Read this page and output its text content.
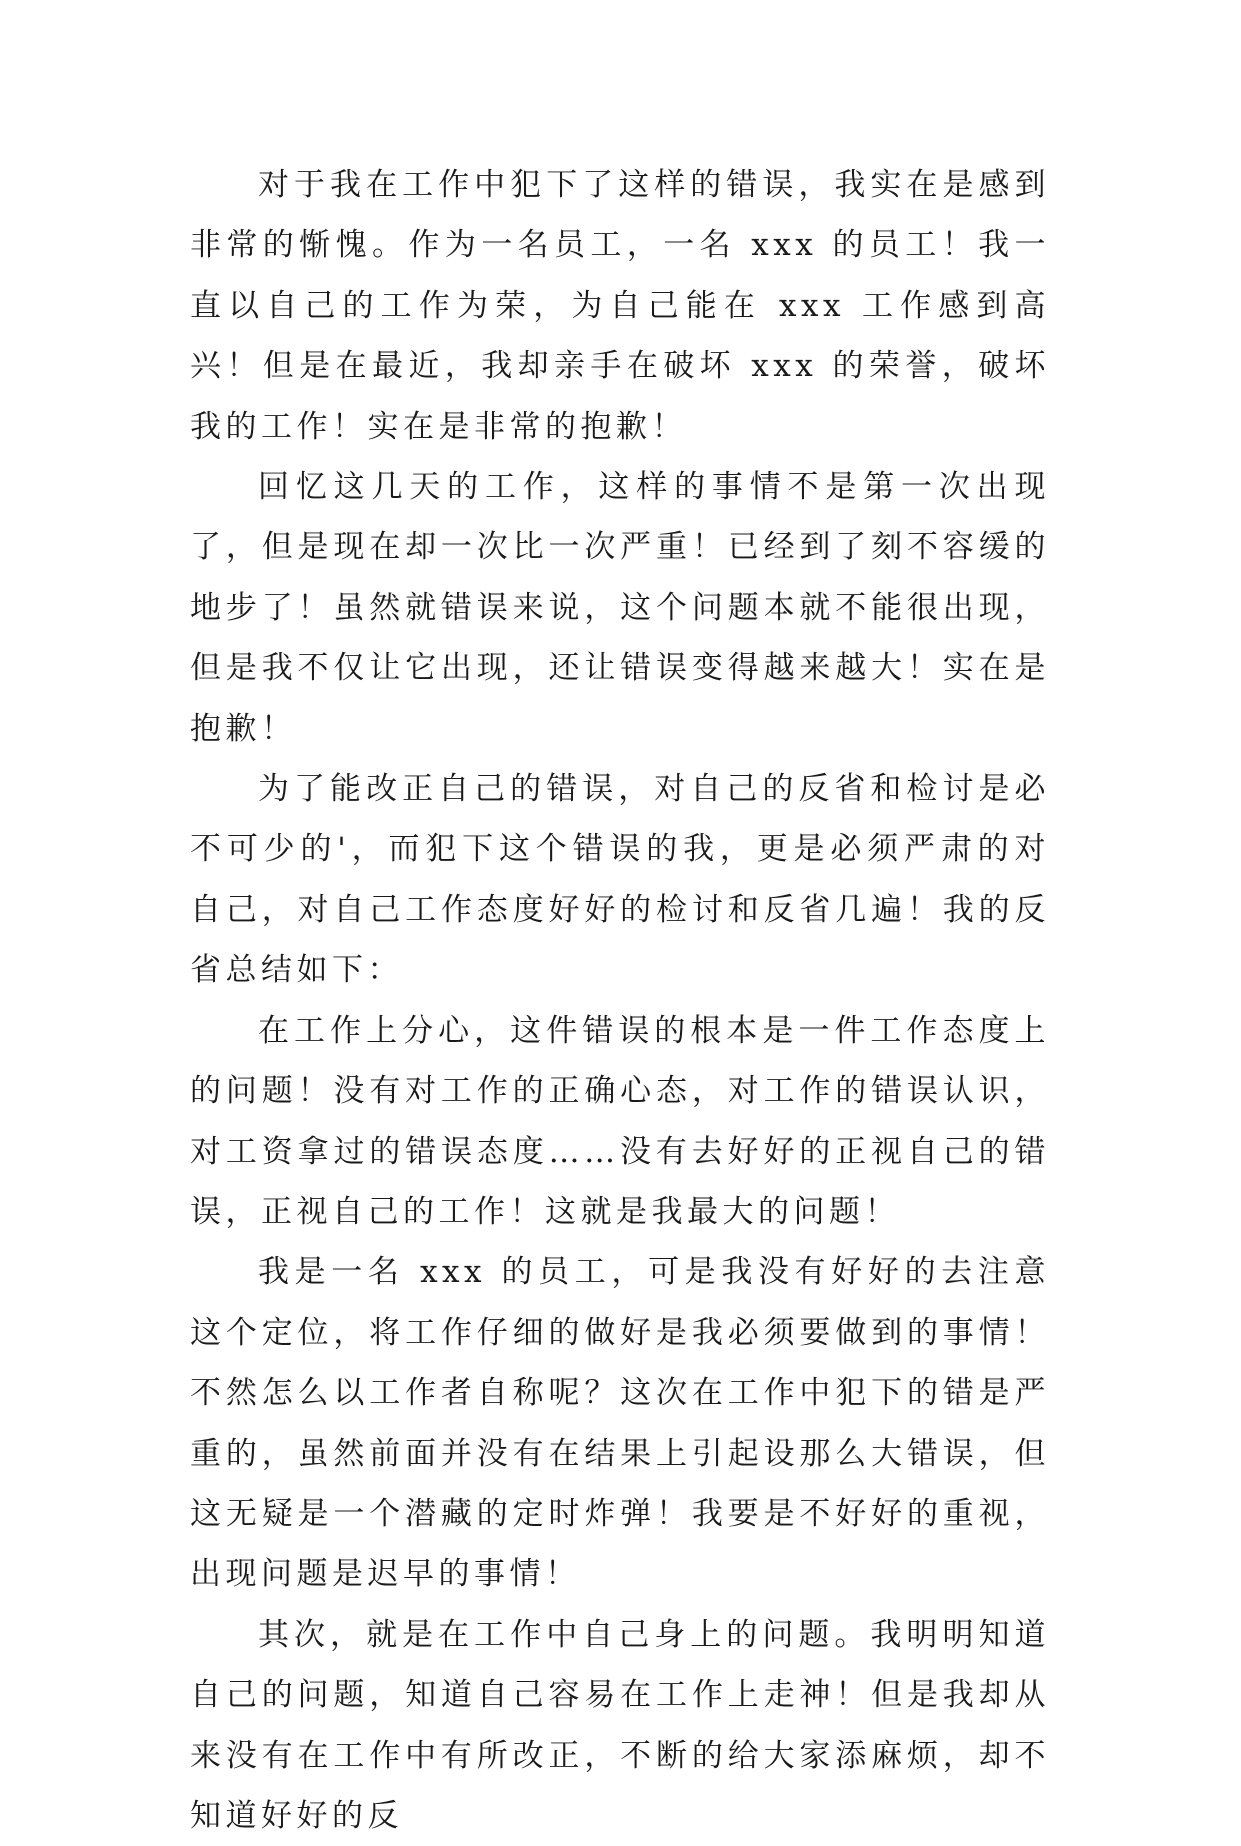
对于我在工作中犯下了这样的错误，我实在是感到非常的惭愧。作为一名员工，一名 xxx 的员工！我一直以自己的工作为荣，为自己能在 xxx 工作感到高兴！但是在最近，我却亲手在破坏 xxx 的荣誉，破坏我的工作！实在是非常的抱歉！

回忆这几天的工作，这样的事情不是第一次出现了，但是现在却一次比一次严重！已经到了刻不容缓的地步了！虽然就错误来说，这个问题本就不能很出现，但是我不仅让它出现，还让错误变得越来越大！实在是抱歉！

为了能改正自己的错误，对自己的反省和检讨是必不可少的'，而犯下这个错误的我，更是必须严肃的对自己，对自己工作态度好好的检讨和反省几遍！我的反省总结如下：

在工作上分心，这件错误的根本是一件工作态度上的问题！没有对工作的正确心态，对工作的错误认识，对工资拿过的错误态度……没有去好好的正视自己的错误，正视自己的工作！这就是我最大的问题！

我是一名 xxx 的员工，可是我没有好好的去注意这个定位，将工作仔细的做好是我必须要做到的事情！不然怎么以工作者自称呢？这次在工作中犯下的错是严重的，虽然前面并没有在结果上引起设那么大错误，但这无疑是一个潜藏的定时炸弹！我要是不好好的重视，出现问题是迟早的事情！

其次，就是在工作中自己身上的问题。我明明知道自己的问题，知道自己容易在工作上走神！但是我却从来没有在工作中有所改正，不断的给大家添麻烦，却不知道好好的反
